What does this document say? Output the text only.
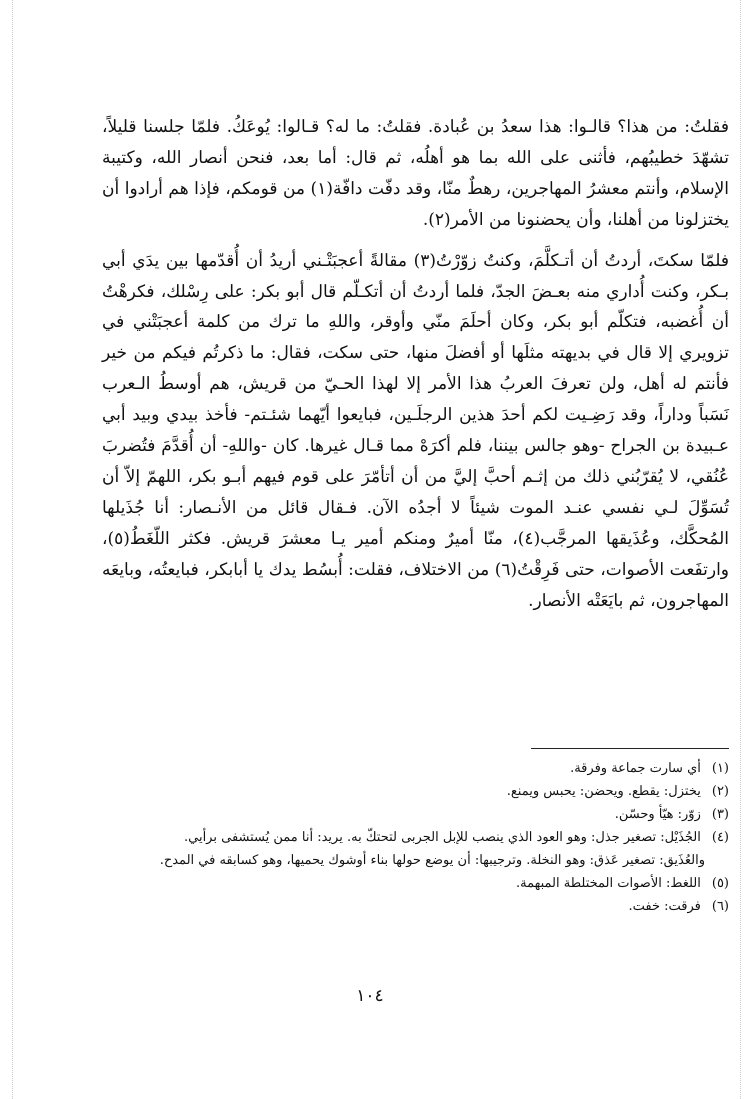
فقلتُ: من هذا؟ قالـوا: هذا سعدُ بن عُبادة. فقلتُ: ما له؟ قـالوا: يُوعَكُ. فلمّا جلسنا قليلاً، تشهّدَ خطيبُهم، فأثنى على الله بما هو أهلُه، ثم قال: أما بعد، فنحن أنصار الله، وكتيبة الإسلام، وأنتم معشرُ المهاجرين، رهطٌ منّا، وقد دفّت دافّة(١) من قومكم، فإذا هم أرادوا أن يختزلونا من أهلنا، وأن يحضنونا من الأمر(٢).

فلمّا سكتَ، أردتُ أن أتـكلَّمَ، وكنتُ زوّرْتُ(٣) مقالةً أعجبَتْـني أريدُ أن أُقدّمها بين يدَي أبي بـكر، وكنت أُداري منه بعـضَ الجدّ، فلما أردتُ أن أتكـلّم قال أبو بكر: على رِسْلك، فكرهْتُ أن أُغضبه، فتكلّم أبو بكر، وكان أحلَمَ منّي وأوقر، واللهِ ما ترك من كلمة أعجبَتْني في تزويري إلا قال في بديهته مثلَها أو أفضلَ منها، حتى سكت، فقال: ما ذكرتُم فيكم من خير فأنتم له أهل، ولن تعرفَ العربُ هذا الأمر إلا لهذا الحـيّ من قريش، هم أوسطُ الـعرب نَسَباً وداراً، وقد رَضِـيت لكم أحدَ هذين الرجلَـين، فبايعوا أيّهما شئـتم- فأخذ بيدي وبيد أبي عـبيدة بن الجراح -وهو جالس بيننا، فلم أكرَهْ مما قـال غيرها. كان -واللهِ- أن أُقدَّمَ فتُضربَ عُنُقي، لا يُقرّبُني ذلك من إثـم أحبَّ إليَّ من أن أتأمّرَ على قوم فيهم أبـو بكر، اللهمّ إلاّ أن تُسَوِّلَ لـي نفسي عنـد الموت شيئاً لا أجدُه الآن. فـقال قائل من الأنـصار: أنا جُذَيلها المُحكَّك، وعُذَيقها المرجَّب(٤)، منّا أميرٌ ومنكم أمير يـا معشرَ قريش. فكثر اللّغَطُ(٥)، وارتفَعت الأصوات، حتى فَرِقْتُ(٦) من الاختلاف، فقلت: أُبسُط يدك يا أبابكر، فبايعتُه، وبايعَه المهاجرون، ثم بايَعَتْه الأنصار.

(١) أي سارت جماعة وفرقة.
(٢) يختزل: يقطع. ويحضن: يحبس ويمنع.
(٣) زوّر: هيّأ وحسّن.
(٤) الجُذَيْل: تصغير جذل: وهو العود الذي ينصب للإبل الجربى لتحتكّ به. يريد: أنا ممن يُستشفى برأيي.
والعُذَيق: تصغير عَذق: وهو النخلة. وترجيبها: أن يوضع حولها بناء أوشوك يحميها، وهو كسابقه في المدح.
(٥) اللغط: الأصوات المختلطة المبهمة.
(٦) فرقت: خفت.
١٠٤
